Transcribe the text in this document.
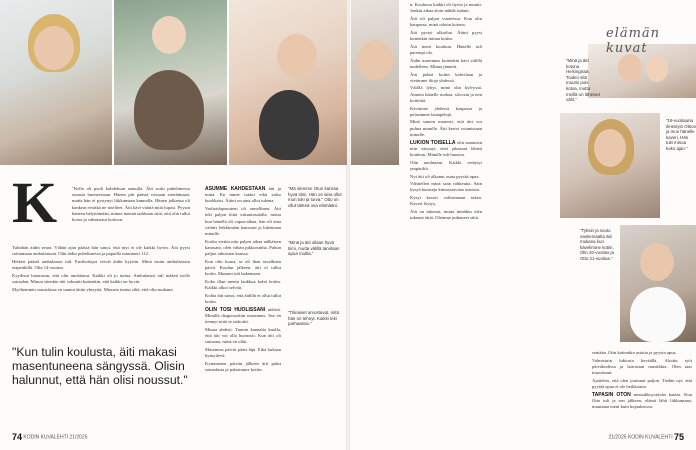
K	"Kello oli puoli kahdeksan aamulla. Äiti soitti puhelimessa omasta huoneestaan. Hänen piti päästä vessaan ssentämaan, mutta hän ei pystynyt liikkumaan kunnolla. Hänen jalkansa oli kankeat eivätkä ne totelleet. Äiti kävi vääriä mitä lupasi. Pyysin häneen hälyttämään, minne mennä tarkkaan siitä, että olin tullut kotoa ja valmistaut hoitoon.

Tulinhän äidin seura. Vähän ajan päästä hän sanoi, että myi ei ole kaikki hyvin. Äiti pyysi soittamaan ambulanssin. Olin äidin puhelimessa ja papuilla mummeri 112.

Hetken päästä ambulanssi tuli. Ensihoitajat veivät äidin kyytiin. Minä istuin ambulanssin etapenkillä. Olin 14-vuotias.

Kyydissä huomasin, että olin unohtanut. Kaikki oli jo tuttua. Ambulanssi tuli mäkeä isolle sairaalan. Minun sitenkin äiti vakuutti kuitenkin, että kaikki on hyvin.

Myöhemmin sairaalassa en saanut äitiin yhteyttä. Minusta tuntui siltä, että olin mukana.

"Kun tulin koulusta, äiti makasi masentuneena sängyssä. Olisin halunnut, että hän olisi noussut."

ASUMME KAHDESTAAN äiti ja minä. En tunne isääni eikä sisko kuokkaisi. Äitini on aina ollut tukena.

Varhaislapsuuteni oli onnellinen. Äiti teki paljon töitä vakuutusalalla, mutta kun hänellä oli vapaa-aikaa, hän oli aina valmis leikkimään kanssani ja lukemaan minulle.

Koska viettin niin paljon aikaa nälkäisen kanssani, olen vähän pikkuvanha. Puhun paljon aikuisten kanssa.

Kun olin kuusi, se oli ihan tavallinen päivä. Koulun jälkeen, äiti ei tullut kotiin. Mummi tuli hakemaan.

Koko illan menin laukkua kohti kotiin. Kaikki alkoi selvitä.

Kohta äiti sanoi, että äidillä ei ollut tullut kotiin.

OLIN TOSI HUOLISSANI äidistä. Minullä diagnosoitiin masennus. Itse en tiennyt mitä se tarkoitti.

Minua ahdisti. Tunnin kannalta kuulla, että äiti voi olla huonosti. Kun äiti oli sairaana, minä en ollut.

Masennus päivät pääsi läpi. Eikä kukaan hymyilevä.

Kymmenen päivän jälkeen äiti pääsi sairaalasta ja palasimme kotiin.

"Mä olemme Otun kanssa hyvä tiimi. Hän on aina ollut mun tuki ja turva." Otto on ollut tärkeä osa elämääni.
"Minä ja äiti ollaan hyvä tiimi, mutta välillä tarvitaan apua muilta."
"Tilinaiset arvostavat, mitä hän on tehnyt. Kaikki teki parhaansa."

n. Koulussa kaikki oli hyvin ja muutti. Jonkin aikaa aloin nähdä isäänii.

Äiti oli paljon vuoteessa. Kun olin kaupassa, minä odotin kotona.

Äiti pystyi ulkoilua. Äitini pyysi kuitenkin minua kotiin.

Äiti meni kouluun. Hänelle tuli parempi olo.

Äidin masennus kuitenkin kävi välillä uudelleen. Minua jännitti.

Äiti palasi kotiin kahvilaan ja vietimme iltoja yhdessä.

Välillä lyhyt, minä olin kylvyssä. Annoin hänelle ruokaa, siivosin ja tein kotitöitä.

Kävimme yhdessä kaupassa ja pelasimme lautapelejä.

Minä sanoin monesti, että äiti voi puhua minulle. Äiti kertoi voinnistaan minulle.

LUKION TOISELLA olin aamuisin niin väsynyt, ettei jaksanut lähteä kouluun. Minulle tuli huonoa.

Olin unohtanut. Kaikki vetäytyi ympäriltä.

Nyt äiti oli alkanut osata pyytää apua.

Vähitellen minä saan rohkeutta. Sain kysyä kuraseja kiinnostavista asioista.

Kysyi kaveri valitsemaan tukea. Kaveri löytyy.

Äiti on tukenut, mutta minäkin olen tukenut äitiä. Olemme puhuneet siitä.

elämän kuvat
"Minä ja äiti kotona Helsingissä. Toiden sitä muutin pois kotoa, mutta meillä on läheiset välit."
"19-vuotiaana ilmestyin Otkon ja mun hänelle kaveri. Hän tuki minua koko ajan."
"Tyksin ja soutu vankemaalta äiti mukana kun kävelimme kotiin. Olin 20-vuotias ja Otto 21-vuotias."

sentään. Otin kuitenkin asioita ja pyysin apua.

Valmistuin lukiosta keväällä. Aloitin työt päiväkodissa ja harrastan musiikkia. Olen taas innostunut.

Ajattelen, että olen joutunut paljon. Tiedän nyt, että pyytää apua ei ole heikkoutta.

TAPASIN OTON muusikkoystävän kautta. Kun Otto tuli ja sen jälkeen, elämä lähti liikkumaan, muutama meni kuin hujauksessa.

74 KODIN KUVALEHTI 21/2025	21/2025 KODIN KUVALEHTI 75
